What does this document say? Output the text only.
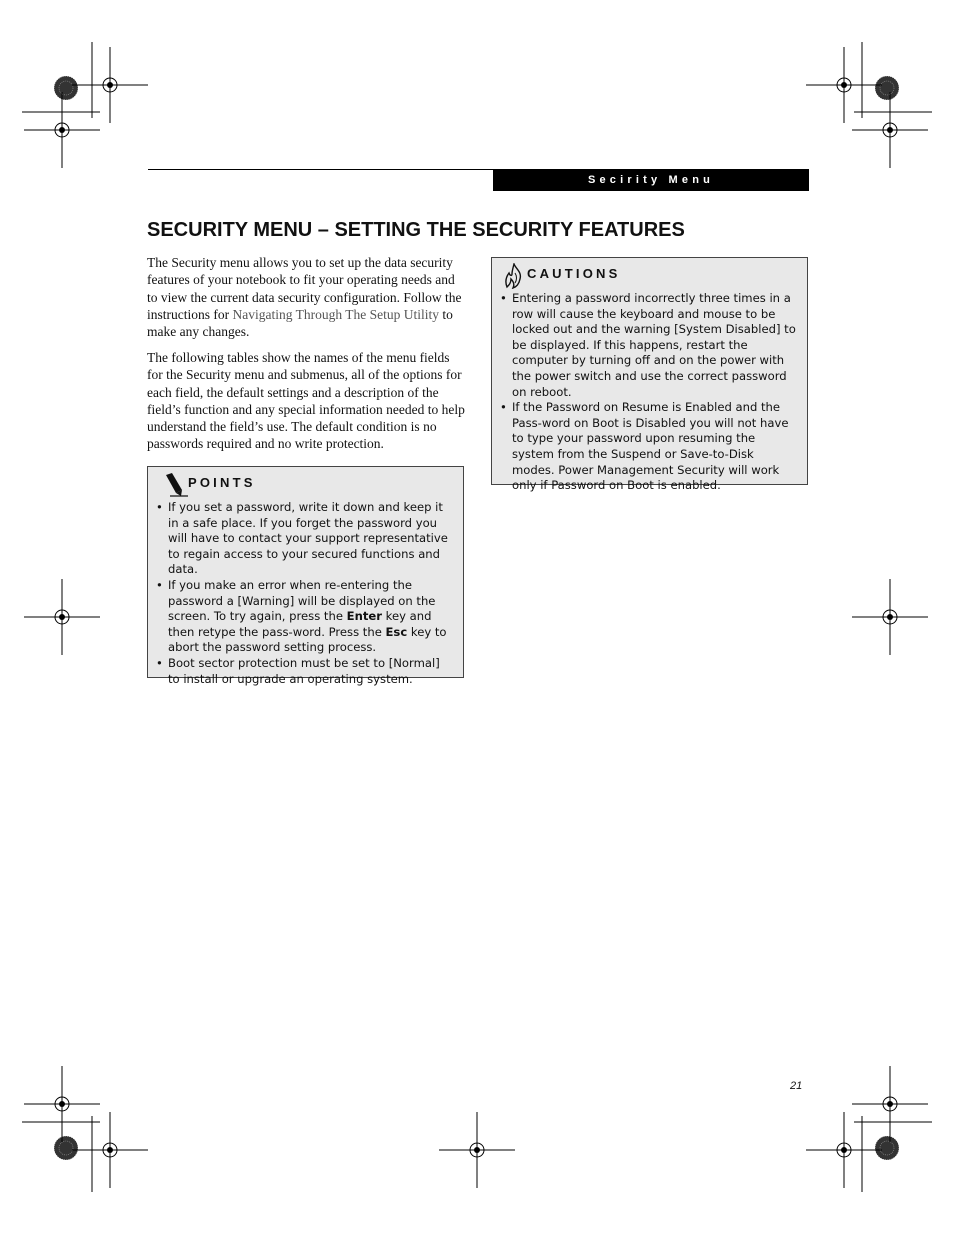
Secirity Menu
SECURITY MENU – SETTING THE SECURITY FEATURES

The Security menu allows you to set up the data security features of your notebook to fit your operating needs and to view the current data security configuration. Follow the instructions for Navigating Through The Setup Utility to make any changes.

The following tables show the names of the menu fields for the Security menu and submenus, all of the options for each field, the default settings and a description of the field’s function and any special information needed to help understand the field’s use. The default condition is no passwords required and no write protection.

POINTS
• If you set a password, write it down and keep it in a safe place. If you forget the password you will have to contact your support representative to regain access to your secured functions and data.
• If you make an error when re-entering the password a [Warning] will be displayed on the screen. To try again, press the Enter key and then retype the pass-word. Press the Esc key to abort the password setting process.
• Boot sector protection must be set to [Normal] to install or upgrade an operating system.
CAUTIONS
• Entering a password incorrectly three times in a row will cause the keyboard and mouse to be locked out and the warning [System Disabled] to be displayed. If this happens, restart the computer by turning off and on the power with the power switch and use the correct password on reboot.
• If the Password on Resume is Enabled and the Pass-word on Boot is Disabled you will not have to type your password upon resuming the system from the Suspend or Save-to-Disk modes. Power Management Security will work only if Password on Boot is enabled.
21
